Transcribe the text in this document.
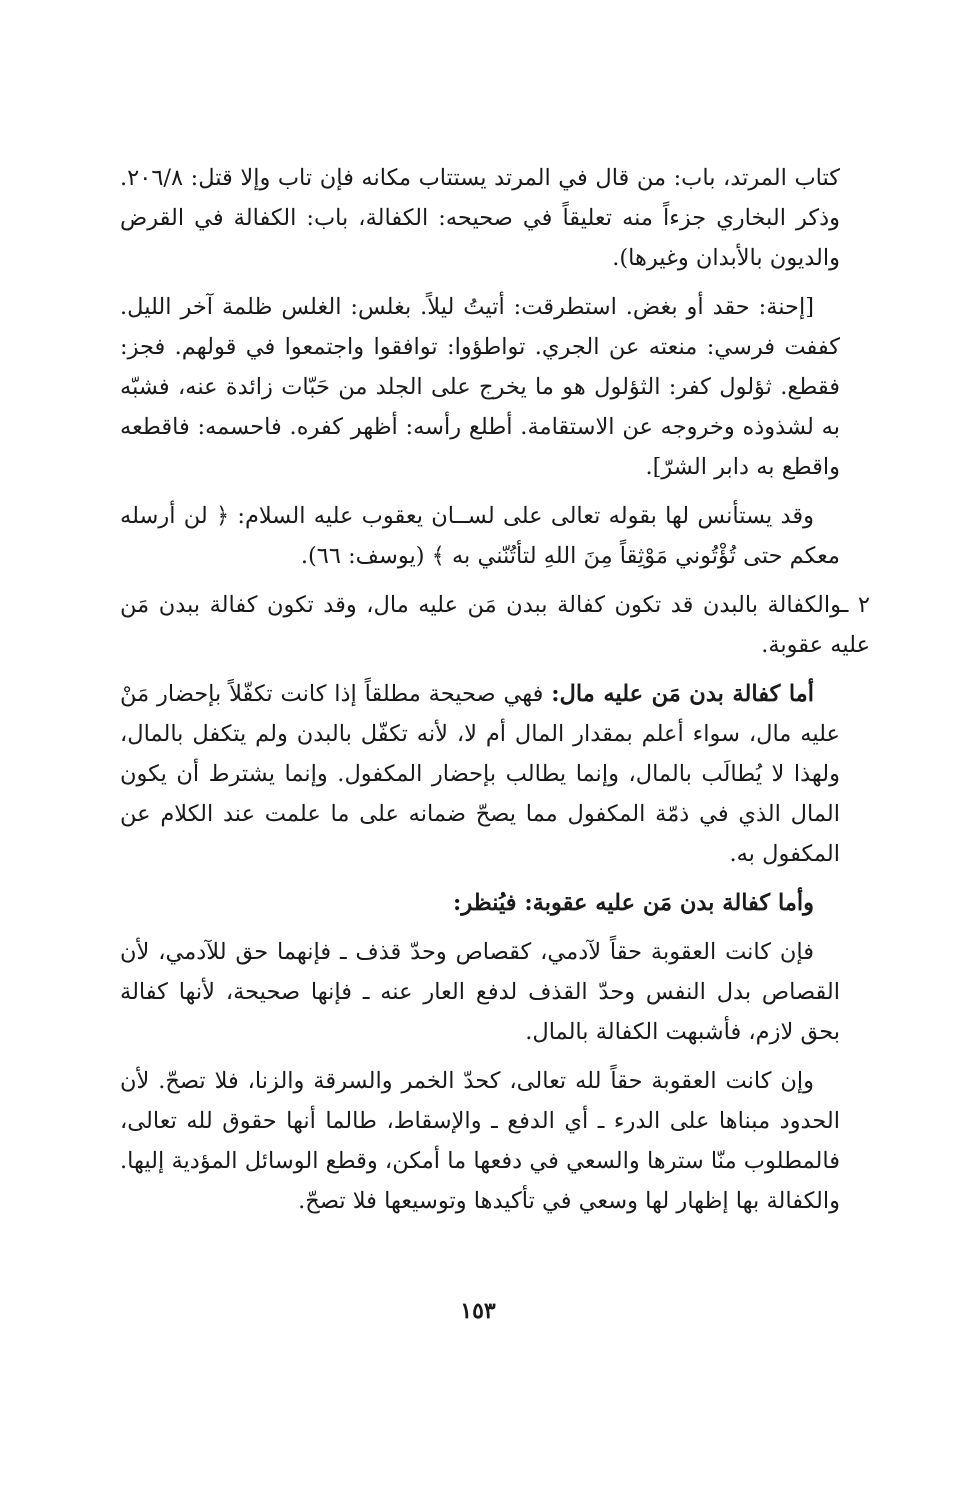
كتاب المرتد، باب: من قال في المرتد يستتاب مكانه فإن تاب وإلا قتل: ٢٠٦/٨. وذكر البخاري جزءاً منه تعليقاً في صحيحه: الكفالة، باب: الكفالة في القرض والديون بالأبدان وغيرها).

[إحنة: حقد أو بغض. استطرقت: أتيتُ ليلاً. بغلس: الغلس ظلمة آخر الليل. كففت فرسي: منعته عن الجري. تواطؤوا: توافقوا واجتمعوا في قولهم. فجز: فقطع. ثؤلول كفر: الثؤلول هو ما يخرج على الجلد من حَبّات زائدة عنه، فشبّه به لشذوذه وخروجه عن الاستقامة. أطلع رأسه: أظهر كفره. فاحسمه: فاقطعه واقطع به دابر الشرّ].

وقد يستأنس لها بقوله تعالى على لســان يعقوب عليه السلام: ﴿ لن أرسله معكم حتى تُؤْتُوني مَوْثِقاً مِنَ اللهِ لتأتُنّني به ﴾ (يوسف: ٦٦).

٢ ـوالكفالة بالبدن قد تكون كفالة ببدن مَن عليه مال، وقد تكون كفالة ببدن مَن عليه عقوبة.

أما كفالة بدن مَن عليه مال: فهي صحيحة مطلقاً إذا كانت تكفّلاً بإحضار مَنْ عليه مال، سواء أعلم بمقدار المال أم لا، لأنه تكفّل بالبدن ولم يتكفل بالمال، ولهذا لا يُطالَب بالمال، وإنما يطالب بإحضار المكفول. وإنما يشترط أن يكون المال الذي في ذمّة المكفول مما يصحّ ضمانه على ما علمت عند الكلام عن المكفول به.

وأما كفالة بدن مَن عليه عقوبة: فيُنظر:

فإن كانت العقوبة حقاً لآدمي، كقصاص وحدّ قذف ـ فإنهما حق للآدمي، لأن القصاص بدل النفس وحدّ القذف لدفع العار عنه ـ فإنها صحيحة، لأنها كفالة بحق لازم، فأشبهت الكفالة بالمال.

وإن كانت العقوبة حقاً لله تعالى، كحدّ الخمر والسرقة والزنا، فلا تصحّ. لأن الحدود مبناها على الدرء ـ أي الدفع ـ والإسقاط، طالما أنها حقوق لله تعالى، فالمطلوب منّا سترها والسعي في دفعها ما أمكن، وقطع الوسائل المؤدية إليها. والكفالة بها إظهار لها وسعي في تأكيدها وتوسيعها فلا تصحّ.

١٥٣
